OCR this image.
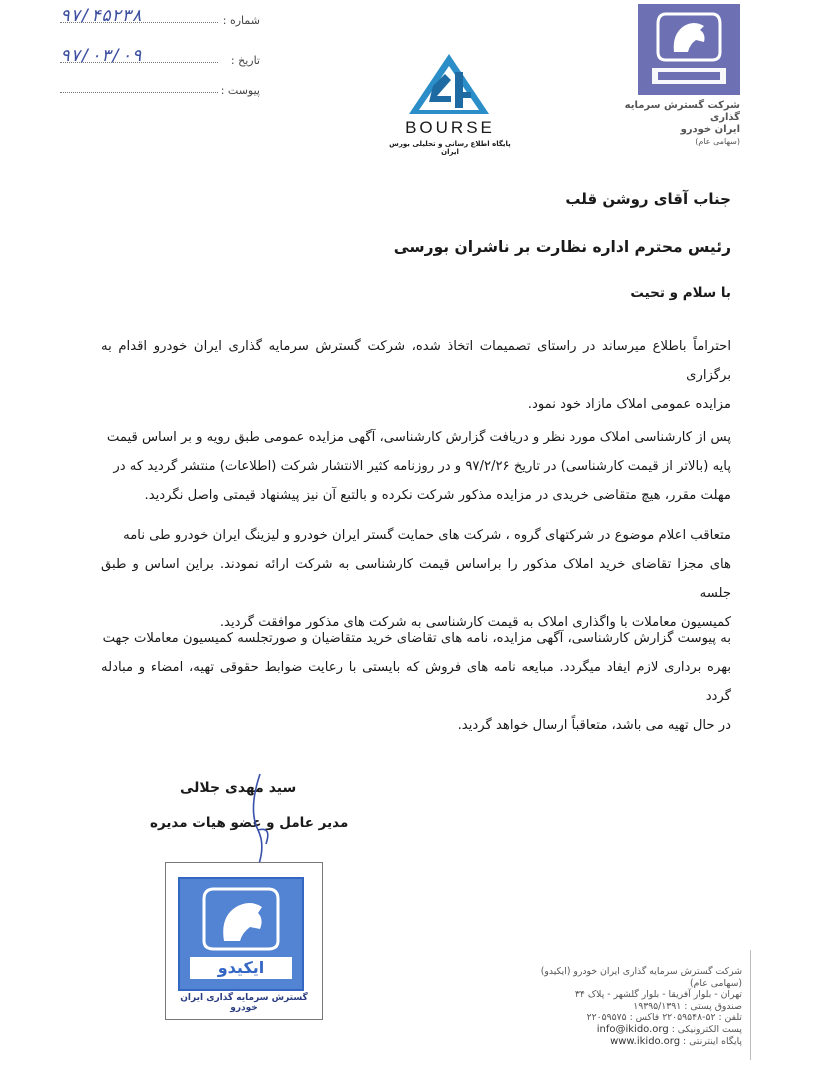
شماره :
۹۷/۴۵۲۳۸
تاریخ :
۹۷/۰۳/۰۹
پیوست :
BOURSE
پایگاه اطلاع رسانی و تحلیلی بورس ایران
شرکت گسترش سرمایه گذاری
ایران خودرو
(سهامی عام)
جناب آقای روشن قلب
رئیس محترم اداره نظارت بر ناشران بورسی
با سلام و تحیت
احتراماً باطلاع میرساند در راستای تصمیمات اتخاذ شده، شرکت گسترش سرمایه گذاری ایران خودرو اقدام به برگزاری
مزایده عمومی املاک مازاد خود نمود.
پس از کارشناسی املاک مورد نظر و دریافت گزارش کارشناسی، آگهی مزایده عمومی طبق رویه و بر اساس قیمت
پایه (بالاتر از قیمت کارشناسی) در تاریخ ۹۷/۲/۲۶ و در روزنامه کثیر الانتشار شرکت (اطلاعات) منتشر گردید که در
مهلت مقرر، هیچ متقاضی خریدی در مزایده مذکور شرکت نکرده و بالتبع آن نیز پیشنهاد قیمتی واصل نگردید.
متعاقب اعلام موضوع در شرکتهای گروه ، شرکت های حمایت گستر ایران خودرو و لیزینگ ایران خودرو طی نامه
های مجزا تقاضای خرید املاک مذکور را براساس قیمت کارشناسی به شرکت ارائه نمودند. براین اساس و طبق جلسه
کمیسیون معاملات با واگذاری املاک به قیمت کارشناسی به شرکت های مذکور موافقت گردید.
به پیوست گزارش کارشناسی، آگهی مزایده، نامه های تقاضای خرید متقاضیان و صورتجلسه کمیسیون معاملات جهت
بهره برداری لازم ایفاد میگردد. مبایعه نامه های فروش که بایستی با رعایت ضوابط حقوقی تهیه، امضاء و مبادله گردد
در حال تهیه می باشد، متعاقباً ارسال خواهد گردید.
سید مهدی جلالی
مدیر عامل و عضو هیات مدیره
ایکیدو
گسترش سرمایه گذاری ایران خودرو
شرکت گسترش سرمایه گذاری ایران خودرو (ایکیدو) (سهامی عام)
تهران - بلوار آفریقا - بلوار گلشهر - پلاک ۳۴
صندوق پستی : ۱۹۳۹۵/۱۳۹۱
تلفن : ۵۲-۲۲۰۵۹۵۴۸ فاکس : ۲۲۰۵۹۵۷۵
پست الکترونیکی : info@ikido.org
پایگاه اینترنتی : www.ikido.org
